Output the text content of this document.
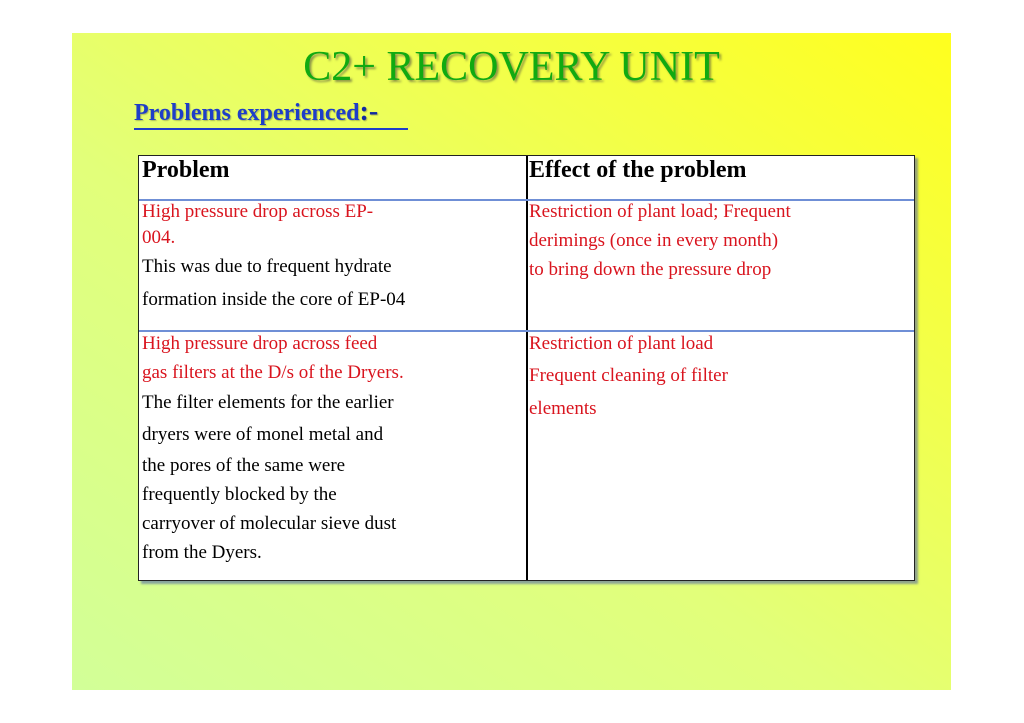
C2+ RECOVERY UNIT
Problems experienced:-
Problem	Effect of the problem
High pressure drop across EP-
004.
This was due to frequent hydrate
formation inside the core of EP-04
Restriction of plant load; Frequent
derimings (once in every month)
to bring down the pressure drop
High pressure drop across feed
gas filters at the D/s of the Dryers.
The filter elements for the earlier
dryers were of monel metal and
the pores of the same were
frequently blocked by the
carryover of molecular sieve dust
from the Dyers.
Restriction of plant load
Frequent cleaning of filter
elements
